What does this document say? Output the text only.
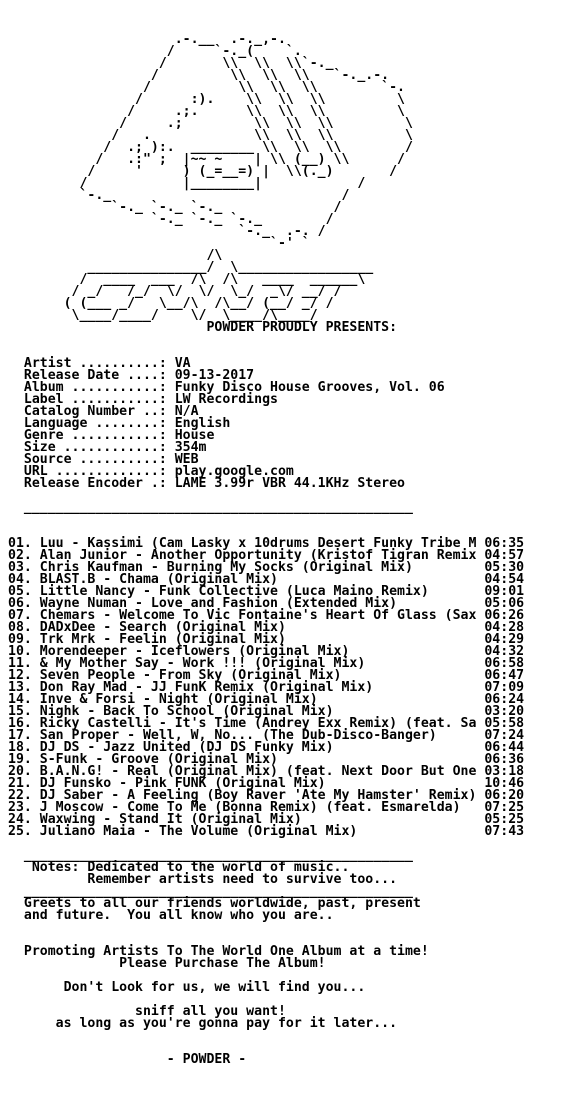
.-.__  .-._,-.
/     `-._(    `.
/       \\  \\  \\`-._
/         \\  \\  \\   `-._.-.
/           \\  \\  \\        `-.
/      :).    \\  \\  \\         \
/     .;.      \\  \\  \\         \
/     .;         \\  \\  \\         \
/   .             \\  \\  \\         \
/  .; ):.  ________ \\  \\  \\        /
/   .:" ;  |~~ ~    | \\ (__) \\      /
/     '     ) (_=__=) |  \\(._)       /
/            |________|            /
`-._                             /
`-._ `-._ `-._              /
`-._ `-._ `-._        /
`-._  .-. /
`-' `
/\
_______________/  \_________________
/  ____  ___  /\  /\   ____  ______\
/ _/   /_/  \/  \/  \_/  _\/ __/ /
( (___ _/   \__/\  /\__/ (__/ _/ /
\____/____/    \/  \____/\____/
POWDER PROUDLY PRESENTS:
Artist ..........: VA
Release Date ....: 09-13-2017
Album ...........: Funky Disco House Grooves, Vol. 06
Label ...........: LW Recordings
Catalog Number ..: N/A
Language ........: English
Genre ...........: House
Size ............: 354m
Source ..........: WEB
URL .............: play.google.com
Release Encoder .: LAME 3.99r VBR 44.1KHz Stereo
_________________________________________________
01. Luu - Kassimi (Cam Lasky x 10drums Desert Funky Tribe M 06:35
02. Alan Junior - Another Opportunity (Kristof Tigran Remix 04:57
03. Chris Kaufman - Burning My Socks (Original Mix)         05:30
04. BLAST.B - Chama (Original Mix)                          04:54
05. Little Nancy - Funk Collective (Luca Maino Remix)       09:01
06. Wayne Numan - Love and Fashion (Extended Mix)           05:06
07. Chemars - Welcome To Vic Fontaine's Heart Of Glass (Sax 06:26
08. DADxDee - Search (Original Mix)                         04:28
09. Trk Mrk - Feelin (Original Mix)                         04:29
10. Morendeeper - Iceflowers (Original Mix)                 04:32
11. & My Mother Say - Work !!! (Original Mix)               06:58
12. Seven People - From Sky (Original Mix)                  06:47
13. Don Ray Mad - JJ FunK Remix (Original Mix)              07:09
14. Inve & Forsi - Night (Original Mix)                     06:24
15. Nighk - Back To School (Original Mix)                   03:20
16. Ricky Castelli - It's Time (Andrey Exx Remix) (feat. Sa 05:58
17. San Proper - Well, W, No... (The Dub-Disco-Banger)      07:24
18. DJ DS - Jazz United (DJ DS Funky Mix)                   06:44
19. S-Funk - Groove (Original Mix)                          06:36
20. B.A.N.G! - Real (Original Mix) (feat. Next Door But One 03:18
21. DJ Funsko - Pink FUNK (Original Mix)                    10:46
22. DJ Saber - A Feeling (Boy Raver 'Ate My Hamster' Remix) 06:20
23. J Moscow - Come To Me (Bonna Remix) (feat. Esmarelda)   07:25
24. Waxwing - Stand It (Original Mix)                       05:25
25. Juliano Maia - The Volume (Original Mix)                07:43
_________________________________________________
Notes: Dedicated to the world of music..
Remember artists need to survive too...
_________________________________________________
Greets to all our friends worldwide, past, present
and future.  You all know who you are..
Promoting Artists To The World One Album at a time!
Please Purchase The Album!
Don't Look for us, we will find you...
sniff all you want!
as long as you're gonna pay for it later...
- POWDER -
